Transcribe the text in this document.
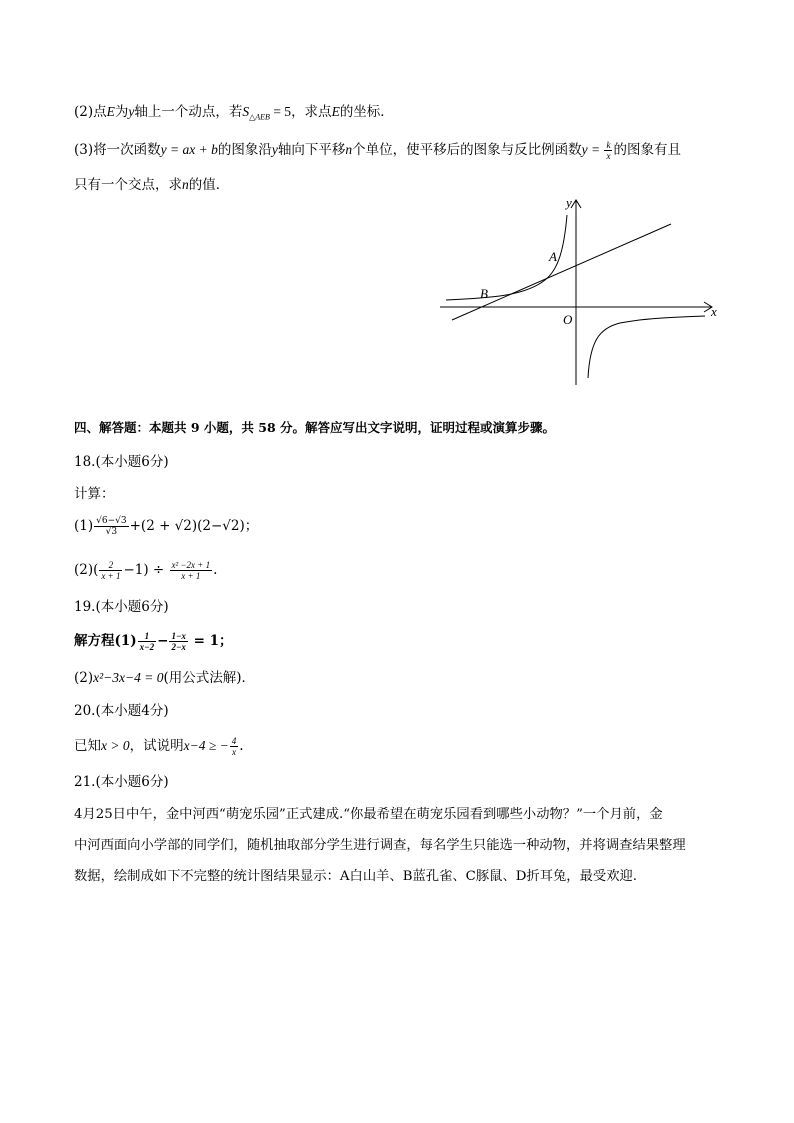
(2)点E为y轴上一个动点，若$S_{\triangle AEB} = 5$，求点E的坐标．
(3)将一次函数y = ax + b的图象沿y轴向下平移n个单位，使平移后的图象与反比例函数$y = \frac{k}{x}$ 的图象有且
只有一个交点，求n的值．
y
x
O
A
B
四、解答题：本题共 9 小题，共 58 分。解答应写出文字说明，证明过程或演算步骤。
18.(本小题6分)
计算：
$(1) \frac{√6-√3}{√3} +(2 + √2)(2-√2)$；
$(2)( \frac{2}{x + 1} -1) \div \frac{\text{x² −2x + 1}}{x + 1}$ .
19.(本小题6分)
解方程$(1) \frac{1}{x-2} - \frac{1-x}{2-x} = 1$；
(2)x²−3x−4 = 0(用公式法解)．
20.(本小题4分)
已知x > 0，试说明x−4 ≥ − $\frac{4}{x}$ .
21.(本小题6分)
4月25日中午，金中河西“萌宠乐园”正式建成.“你最希望在萌宠乐园看到哪些小动物？”一个月前，金
中河西面向小学部的同学们，随机抽取部分学生进行调查，每名学生只能选一种动物，并将调查结果整理
数据，绘制成如下不完整的统计图结果显示：A白山羊、B蓝孔雀、C豚鼠、D折耳兔，最受欢迎.
